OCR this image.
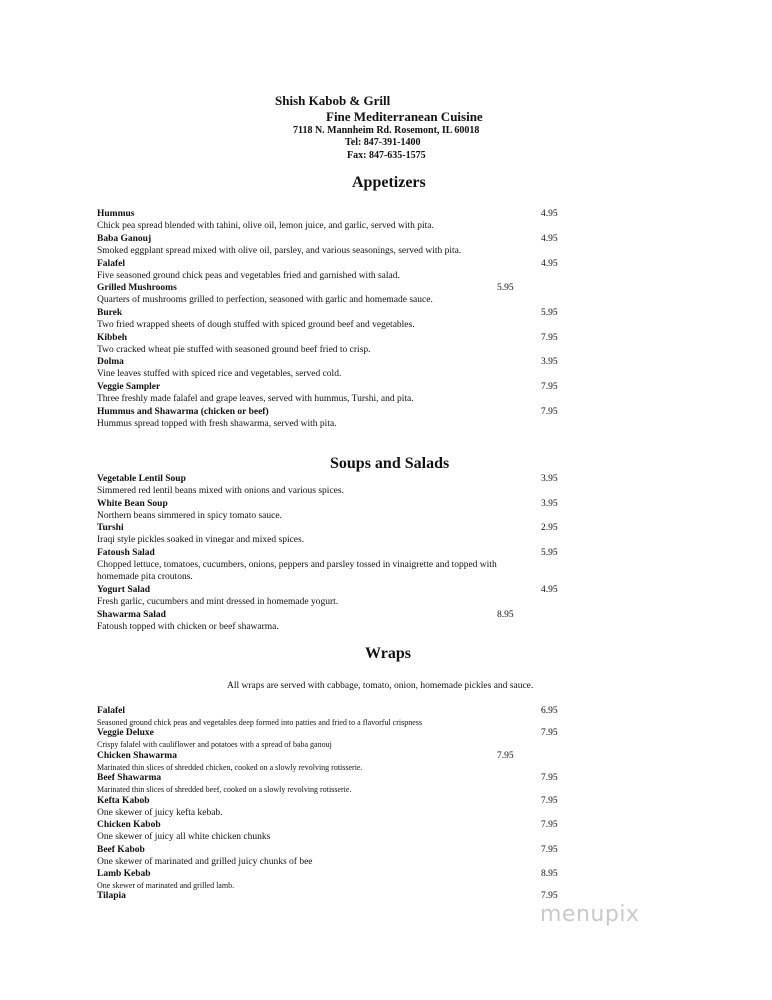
Shish Kabob & Grill
Fine Mediterranean Cuisine
7118 N. Mannheim Rd. Rosemont, IL 60018
Tel: 847-391-1400
Fax: 847-635-1575
Appetizers
Hummus
Chick pea spread blended with tahini, olive oil, lemon juice, and garlic, served with pita.
4.95
Baba Ganouj
Smoked eggplant spread mixed with olive oil, parsley, and various seasonings, served with pita.
4.95
Falafel
Five seasoned ground chick peas and vegetables fried and garnished with salad.
4.95
Grilled Mushrooms
Quarters of mushrooms grilled to perfection, seasoned with garlic and homemade sauce.
5.95
Burek
Two fried wrapped sheets of dough stuffed with spiced ground beef and vegetables.
5.95
Kibbeh
Two cracked wheat pie stuffed with seasoned ground beef fried to crisp.
7.95
Dolma
Vine leaves stuffed with spiced rice and vegetables, served cold.
3.95
Veggie Sampler
Three freshly made falafel and grape leaves, served with hummus, Turshi, and pita.
7.95
Hummus and Shawarma (chicken or beef)
Hummus spread topped with fresh shawarma, served with pita.
7.95
Soups and Salads
Vegetable Lentil Soup
Simmered red lentil beans mixed with onions and various spices.
3.95
White Bean Soup
Northern beans simmered in spicy tomato sauce.
3.95
Turshi
Iraqi style pickles soaked in vinegar and mixed spices.
2.95
Fatoush Salad
Chopped lettuce, tomatoes, cucumbers, onions, peppers and parsley tossed in vinaigrette and topped with homemade pita croutons.
5.95
Yogurt Salad
Fresh garlic, cucumbers and mint dressed in homemade yogurt.
4.95
Shawarma Salad
Fatoush topped with chicken or beef shawarma.
8.95
Wraps
All wraps are served with cabbage, tomato, onion, homemade pickles and sauce.
Falafel
Seasoned ground chick peas and vegetables deep formed into patties and fried to a flavorful crispness
6.95
Veggie Deluxe
Crispy falafel with cauliflower and potatoes with a spread of baba ganouj
7.95
Chicken Shawarma
Marinated thin slices of shredded chicken, cooked on a slowly revolving rotisserie.
7.95
Beef Shawarma
Marinated thin slices of shredded beef, cooked on a slowly revolving rotisserie.
7.95
Kefta Kabob
One skewer of juicy kefta kebab.
7.95
Chicken Kabob
One skewer of juicy all white chicken chunks
7.95
Beef Kabob
One skewer of marinated and grilled juicy chunks of bee
7.95
Lamb Kebab
One skewer of marinated and grilled lamb.
8.95
Tilapia	7.95
menupix
